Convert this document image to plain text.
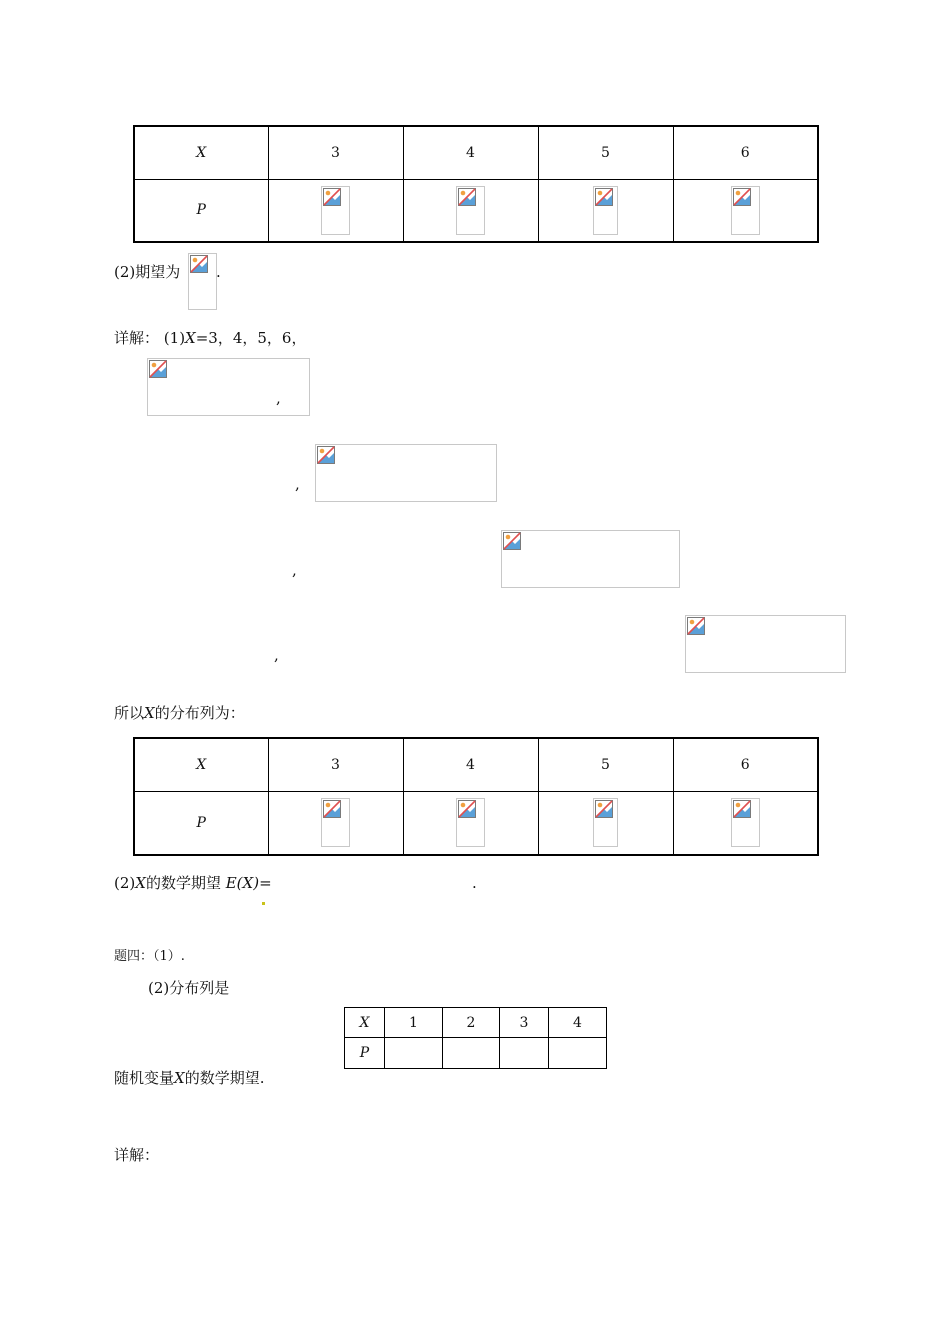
X	3	4	5	6
P	

(2)期望为
.
详解： (1)X=3，4，5，6，

,

,

,

,
所以X的分布列为：
X	3	4	5	6
P	

(2)X的数学期望 E(X)=	.
题四：（1）.
(2)分布列是
X	1	2	3	4
P				
随机变量X的数学期望.
详解：
